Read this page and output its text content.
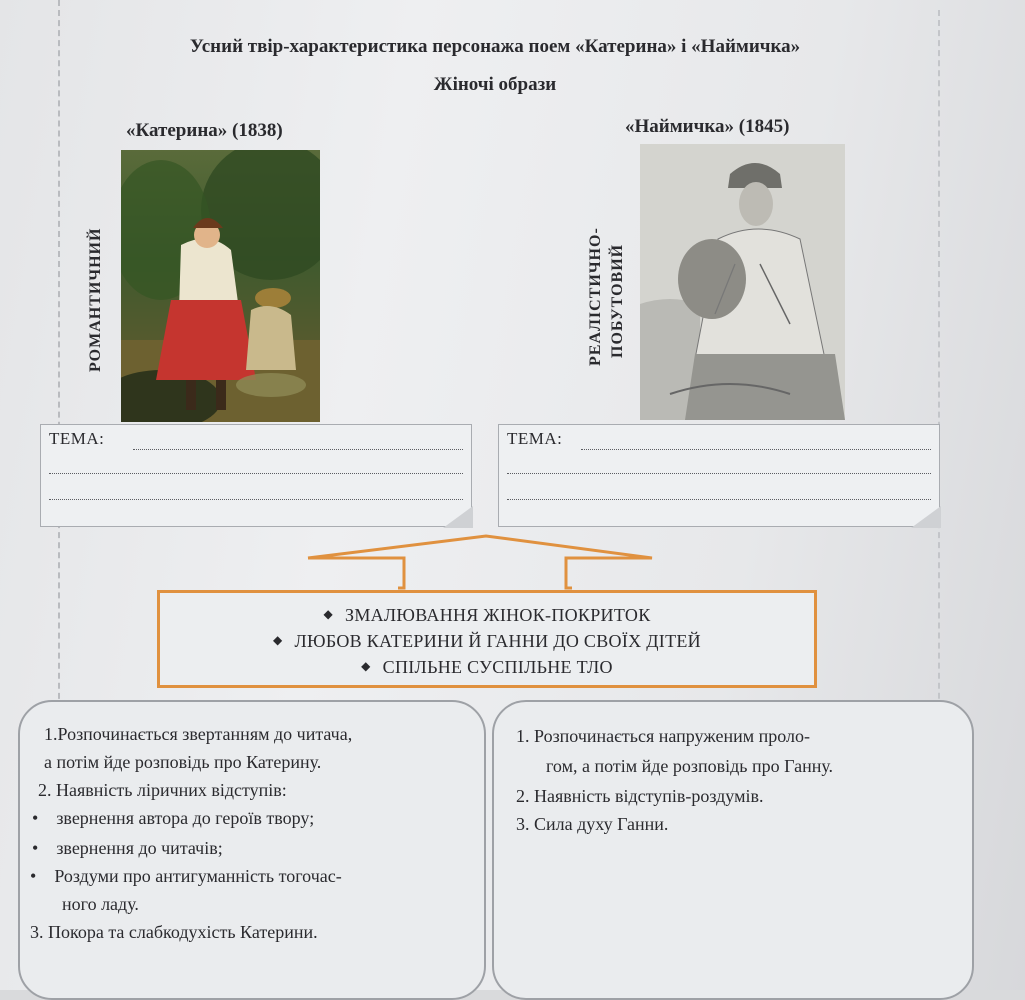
Усний твір-характеристика персонажа поем «Катерина» і «Наймичка»
Жіночі образи
«Катерина» (1838)
РОМАНТИЧНИЙ
ТЕМА:
«Наймичка» (1845)
РЕАЛІСТИЧНО- ПОБУТОВИЙ
ТЕМА:
◆ ЗМАЛЮВАННЯ ЖІНОК-ПОКРИТОК
◆ ЛЮБОВ КАТЕРИНИ Й ГАННИ ДО СВОЇХ ДІТЕЙ
◆ СПІЛЬНЕ СУСПІЛЬНЕ ТЛО
1.Розпочинається звертанням до читача,
а потім йде розповідь про Катерину.
2. Наявність ліричних відступів:
• звернення автора до героїв твору;
• звернення до читачів;
• Роздуми про антигуманність тогочас-
ного ладу.
3. Покора та слабкодухість Катерини.
1. Розпочинається напруженим проло-
гом, а потім йде розповідь про Ганну.
2. Наявність відступів-роздумів.
3. Сила духу Ганни.
